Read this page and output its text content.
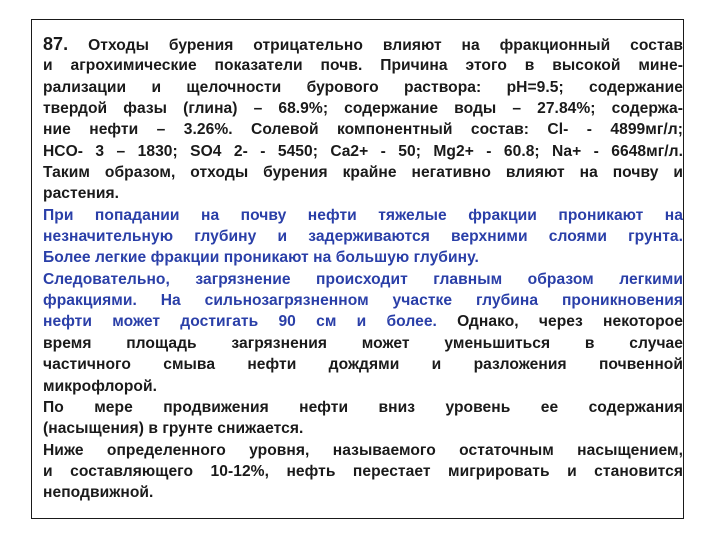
87. Отходы бурения отрицательно влияют на фракционный состав
и агрохимические показатели почв. Причина этого в высокой мине-
рализации и щелочности бурового раствора: рН=9.5; содержание
твердой фазы (глина) – 68.9%; содержание воды – 27.84%; содержа-
ние нефти – 3.26%. Солевой компонентный состав: Cl- - 4899мг/л;
HCO- 3 – 1830; SO4 2- - 5450; Ca2+ - 50; Mg2+ - 60.8; Na+ - 6648мг/л.
Таким образом, отходы бурения крайне негативно влияют на почву и
растения.
При попадании на почву нефти тяжелые фракции проникают на
незначительную глубину и задерживаются верхними слоями грунта.
Более легкие фракции проникают на большую глубину.
Следовательно, загрязнение происходит главным образом легкими
фракциями. На сильнозагрязненном участке глубина проникновения
нефти может достигать 90 см и более. Однако, через некоторое
время площадь загрязнения может уменьшиться в случае
частичного смыва нефти дождями и разложения почвенной
микрофлорой.
По мере продвижения нефти вниз уровень ее содержания
(насыщения) в грунте снижается.
Ниже определенного уровня, называемого остаточным насыщением,
и составляющего 10-12%, нефть перестает мигрировать и становится
неподвижной.
